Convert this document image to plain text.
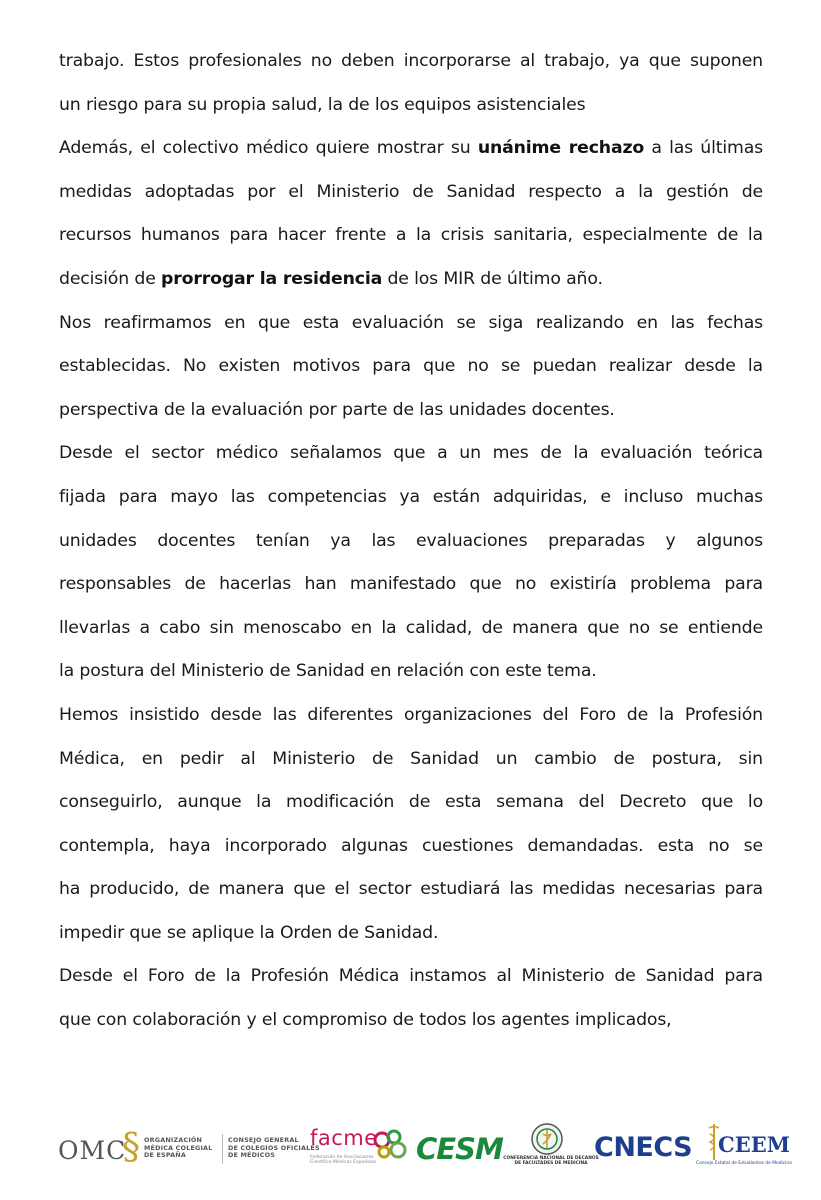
trabajo. Estos profesionales no deben incorporarse al trabajo, ya que suponen
un riesgo para su propia salud, la de los equipos asistenciales

Además, el colectivo médico quiere mostrar su unánime rechazo a las últimas
medidas adoptadas por el Ministerio de Sanidad respecto a la gestión de
recursos humanos para hacer frente a la crisis sanitaria, especialmente de la
decisión de prorrogar la residencia de los MIR de último año.

Nos reafirmamos en que esta evaluación se siga realizando en las fechas
establecidas. No existen motivos para que no se puedan realizar desde la
perspectiva de la evaluación por parte de las unidades docentes.

Desde el sector médico señalamos que a un mes de la evaluación teórica
fijada para mayo las competencias ya están adquiridas, e incluso muchas
unidades docentes tenían ya las evaluaciones preparadas y algunos
responsables de hacerlas han manifestado que no existiría problema para
llevarlas a cabo sin menoscabo en la calidad, de manera que no se entiende
la postura del Ministerio de Sanidad en relación con este tema.

Hemos insistido desde las diferentes organizaciones del Foro de la Profesión
Médica, en pedir al Ministerio de Sanidad un cambio de postura, sin
conseguirlo, aunque la modificación de esta semana del Decreto que lo
contempla, haya incorporado algunas cuestiones demandadas. esta no se
ha producido, de manera que el sector estudiará las medidas necesarias para
impedir que se aplique la Orden de Sanidad.

Desde el Foro de la Profesión Médica instamos al Ministerio de Sanidad para
que con colaboración y el compromiso de todos los agentes implicados,

OMC
§ ORGANIZACIÓN
MÉDICA COLEGIAL
DE ESPAÑA
CONSEJO GENERAL
DE COLEGIOS OFICIALES
DE MÉDICOS
facme
Federación de Asociaciones Científico Médicas Españolas	CESM CONFERENCIA NACIONAL DE DECANOS
DE FACULTADES DE MEDICINA
CNECS CEEM
Consejo Estatal de Estudiantes de Medicina
